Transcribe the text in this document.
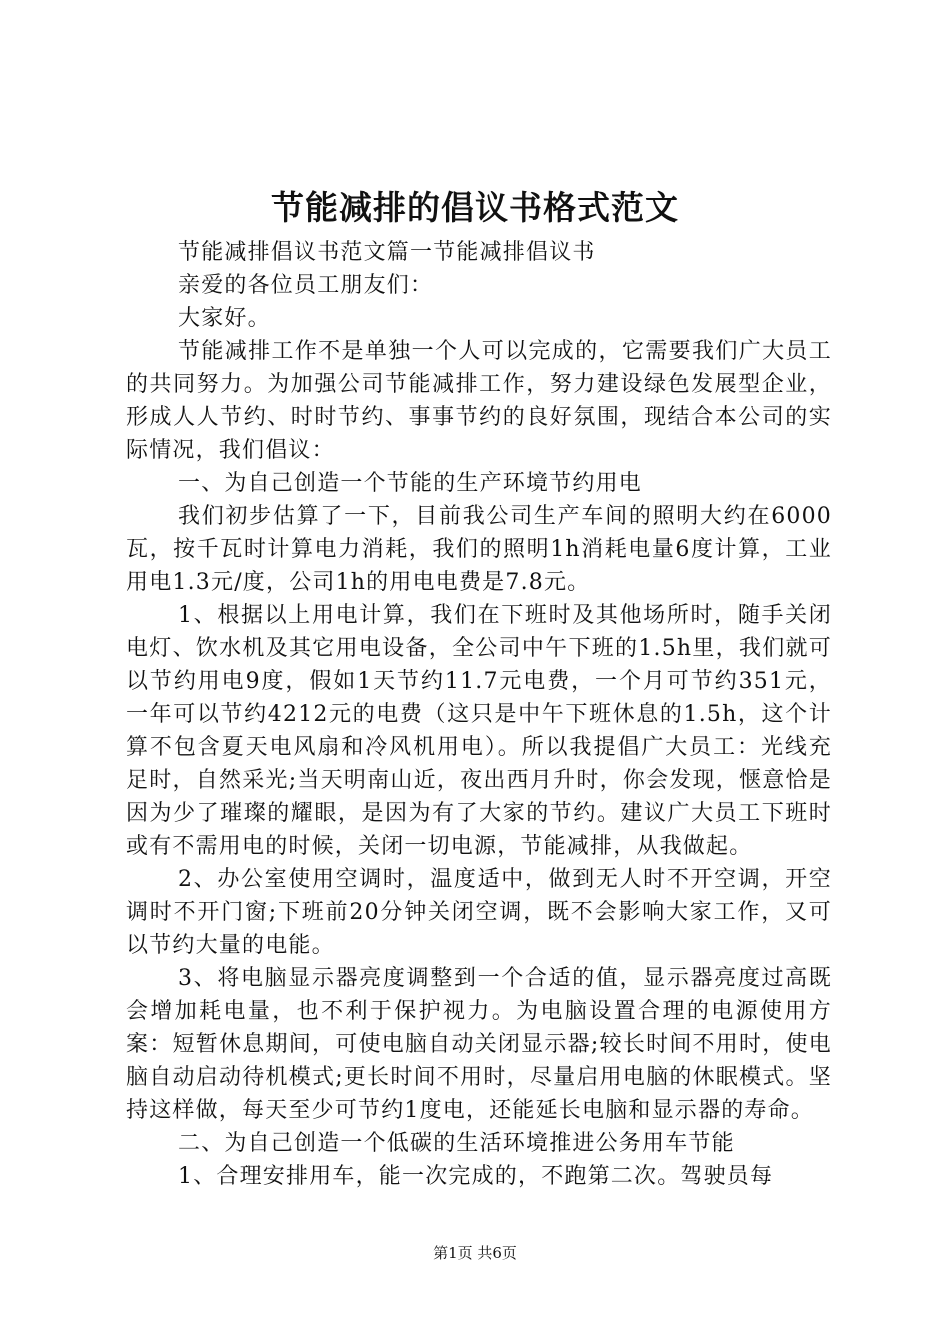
节能减排的倡议书格式范文

节能减排倡议书范文篇一节能减排倡议书

亲爱的各位员工朋友们：

大家好。

节能减排工作不是单独一个人可以完成的，它需要我们广大员工的共同努力。为加强公司节能减排工作，努力建设绿色发展型企业，形成人人节约、时时节约、事事节约的良好氛围，现结合本公司的实际情况，我们倡议：

一、为自己创造一个节能的生产环境节约用电

我们初步估算了一下，目前我公司生产车间的照明大约在6000瓦，按千瓦时计算电力消耗，我们的照明1h消耗电量6度计算，工业用电1.3元/度，公司1h的用电电费是7.8元。

1、根据以上用电计算，我们在下班时及其他场所时，随手关闭电灯、饮水机及其它用电设备，全公司中午下班的1.5h里，我们就可以节约用电9度，假如1天节约11.7元电费，一个月可节约351元，一年可以节约4212元的电费（这只是中午下班休息的1.5h，这个计算不包含夏天电风扇和冷风机用电）。所以我提倡广大员工：光线充足时，自然采光;当天明南山近，夜出西月升时，你会发现，惬意恰是因为少了璀璨的耀眼，是因为有了大家的节约。建议广大员工下班时或有不需用电的时候，关闭一切电源，节能减排，从我做起。

2、办公室使用空调时，温度适中，做到无人时不开空调，开空调时不开门窗;下班前20分钟关闭空调，既不会影响大家工作，又可以节约大量的电能。

3、将电脑显示器亮度调整到一个合适的值，显示器亮度过高既会增加耗电量，也不利于保护视力。为电脑设置合理的电源使用方案：短暂休息期间，可使电脑自动关闭显示器;较长时间不用时，使电脑自动启动待机模式;更长时间不用时，尽量启用电脑的休眠模式。坚持这样做，每天至少可节约1度电，还能延长电脑和显示器的寿命。

二、为自己创造一个低碳的生活环境推进公务用车节能

1、合理安排用车，能一次完成的，不跑第二次。驾驶员每

第1页 共6页
